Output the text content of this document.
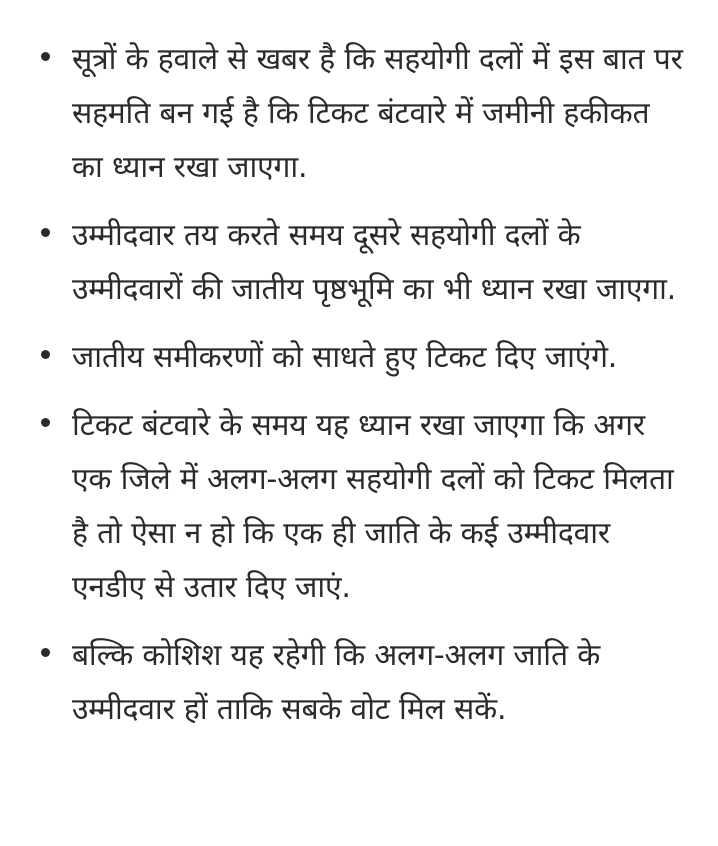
सूत्रों के हवाले से खबर है कि सहयोगी दलों में इस बात पर सहमति बन गई है कि टिकट बंटवारे में जमीनी हकीकत का ध्यान रखा जाएगा.
उम्मीदवार तय करते समय दूसरे सहयोगी दलों के उम्मीदवारों की जातीय पृष्ठभूमि का भी ध्यान रखा जाएगा.
जातीय समीकरणों को साधते हुए टिकट दिए जाएंगे.
टिकट बंटवारे के समय यह ध्यान रखा जाएगा कि अगर एक जिले में अलग-अलग सहयोगी दलों को टिकट मिलता है तो ऐसा न हो कि एक ही जाति के कई उम्मीदवार एनडीए से उतार दिए जाएं.
बल्कि कोशिश यह रहेगी कि अलग-अलग जाति के उम्मीदवार हों ताकि सबके वोट मिल सकें.
